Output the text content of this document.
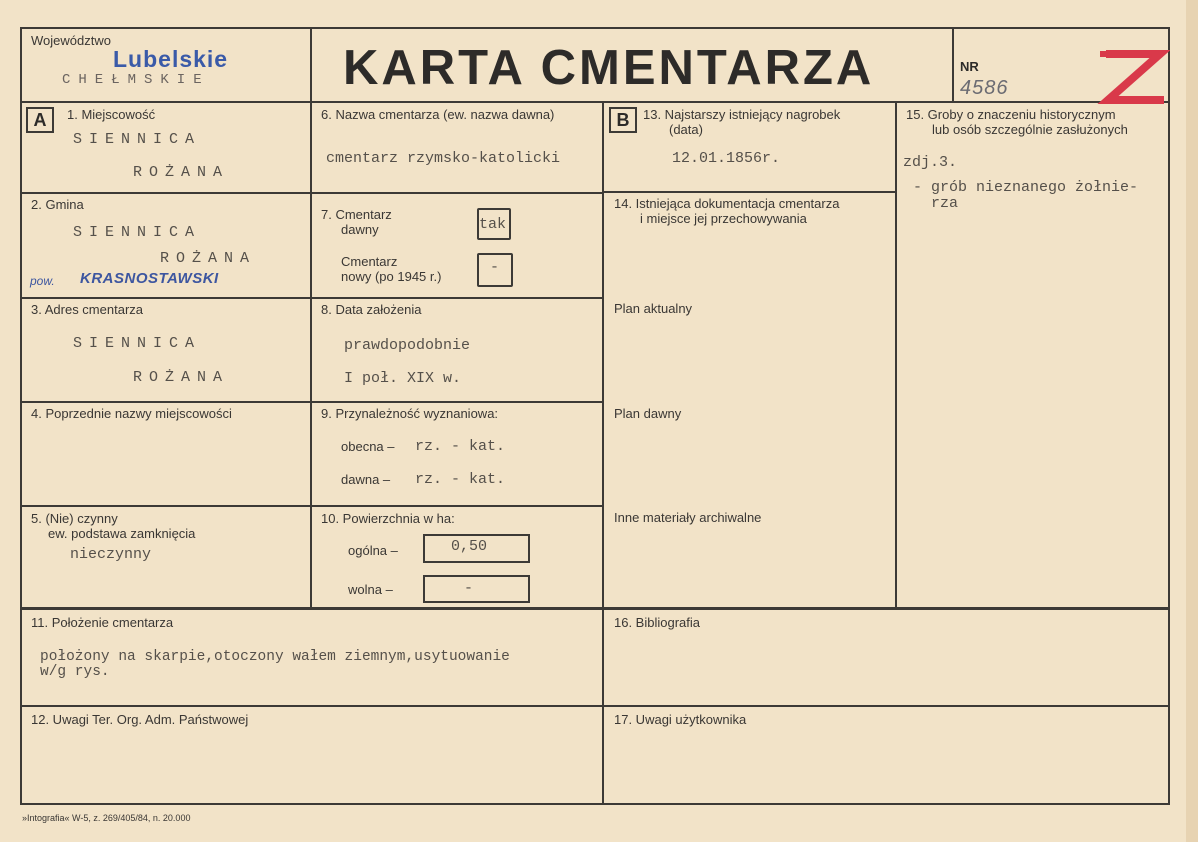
Województwo
Lubelskie
CHEŁMSKIE	KARTA CMENTARZA	NR
4586
A	B
1. Miejscowość
SIENNICA
ROŻANA
2. Gmina
SIENNICA
ROŻANA
pow. KRASNOSTAWSKI
3. Adres cmentarza
SIENNICA
ROŻANA
4. Poprzednie nazwy miejscowości
5. (Nie) czynny
ew. podstawa zamknięcia
nieczynny
6. Nazwa cmentarza (ew. nazwa dawna)
cmentarz rzymsko-katolicki
7. Cmentarz
dawny	tak
Cmentarz
nowy (po 1945 r.)
-
8. Data założenia
prawdopodobnie
I poł. XIX w.
9. Przynależność wyznaniowa:
obecna – rz. - kat.
dawna – rz. - kat.
10. Powierzchnia w ha:
ogólna –	0,50
wolna –	-
11. Położenie cmentarza
położony na skarpie,otoczony wałem ziemnym,usytuowanie
w/g rys.
12. Uwagi Ter. Org. Adm. Państwowej
13. Najstarszy istniejący nagrobek
(data)
12.01.1856r.
14. Istniejąca dokumentacja cmentarza
i miejsce jej przechowywania
Plan aktualny
Plan dawny
Inne materiały archiwalne
15. Groby o znaczeniu historycznym
lub osób szczególnie zasłużonych
zdj.3.
- grób nieznanego żołnie-
rza
16. Bibliografia
17. Uwagi użytkownika
»Intografia« W-5, z. 269/405/84, n. 20.000
